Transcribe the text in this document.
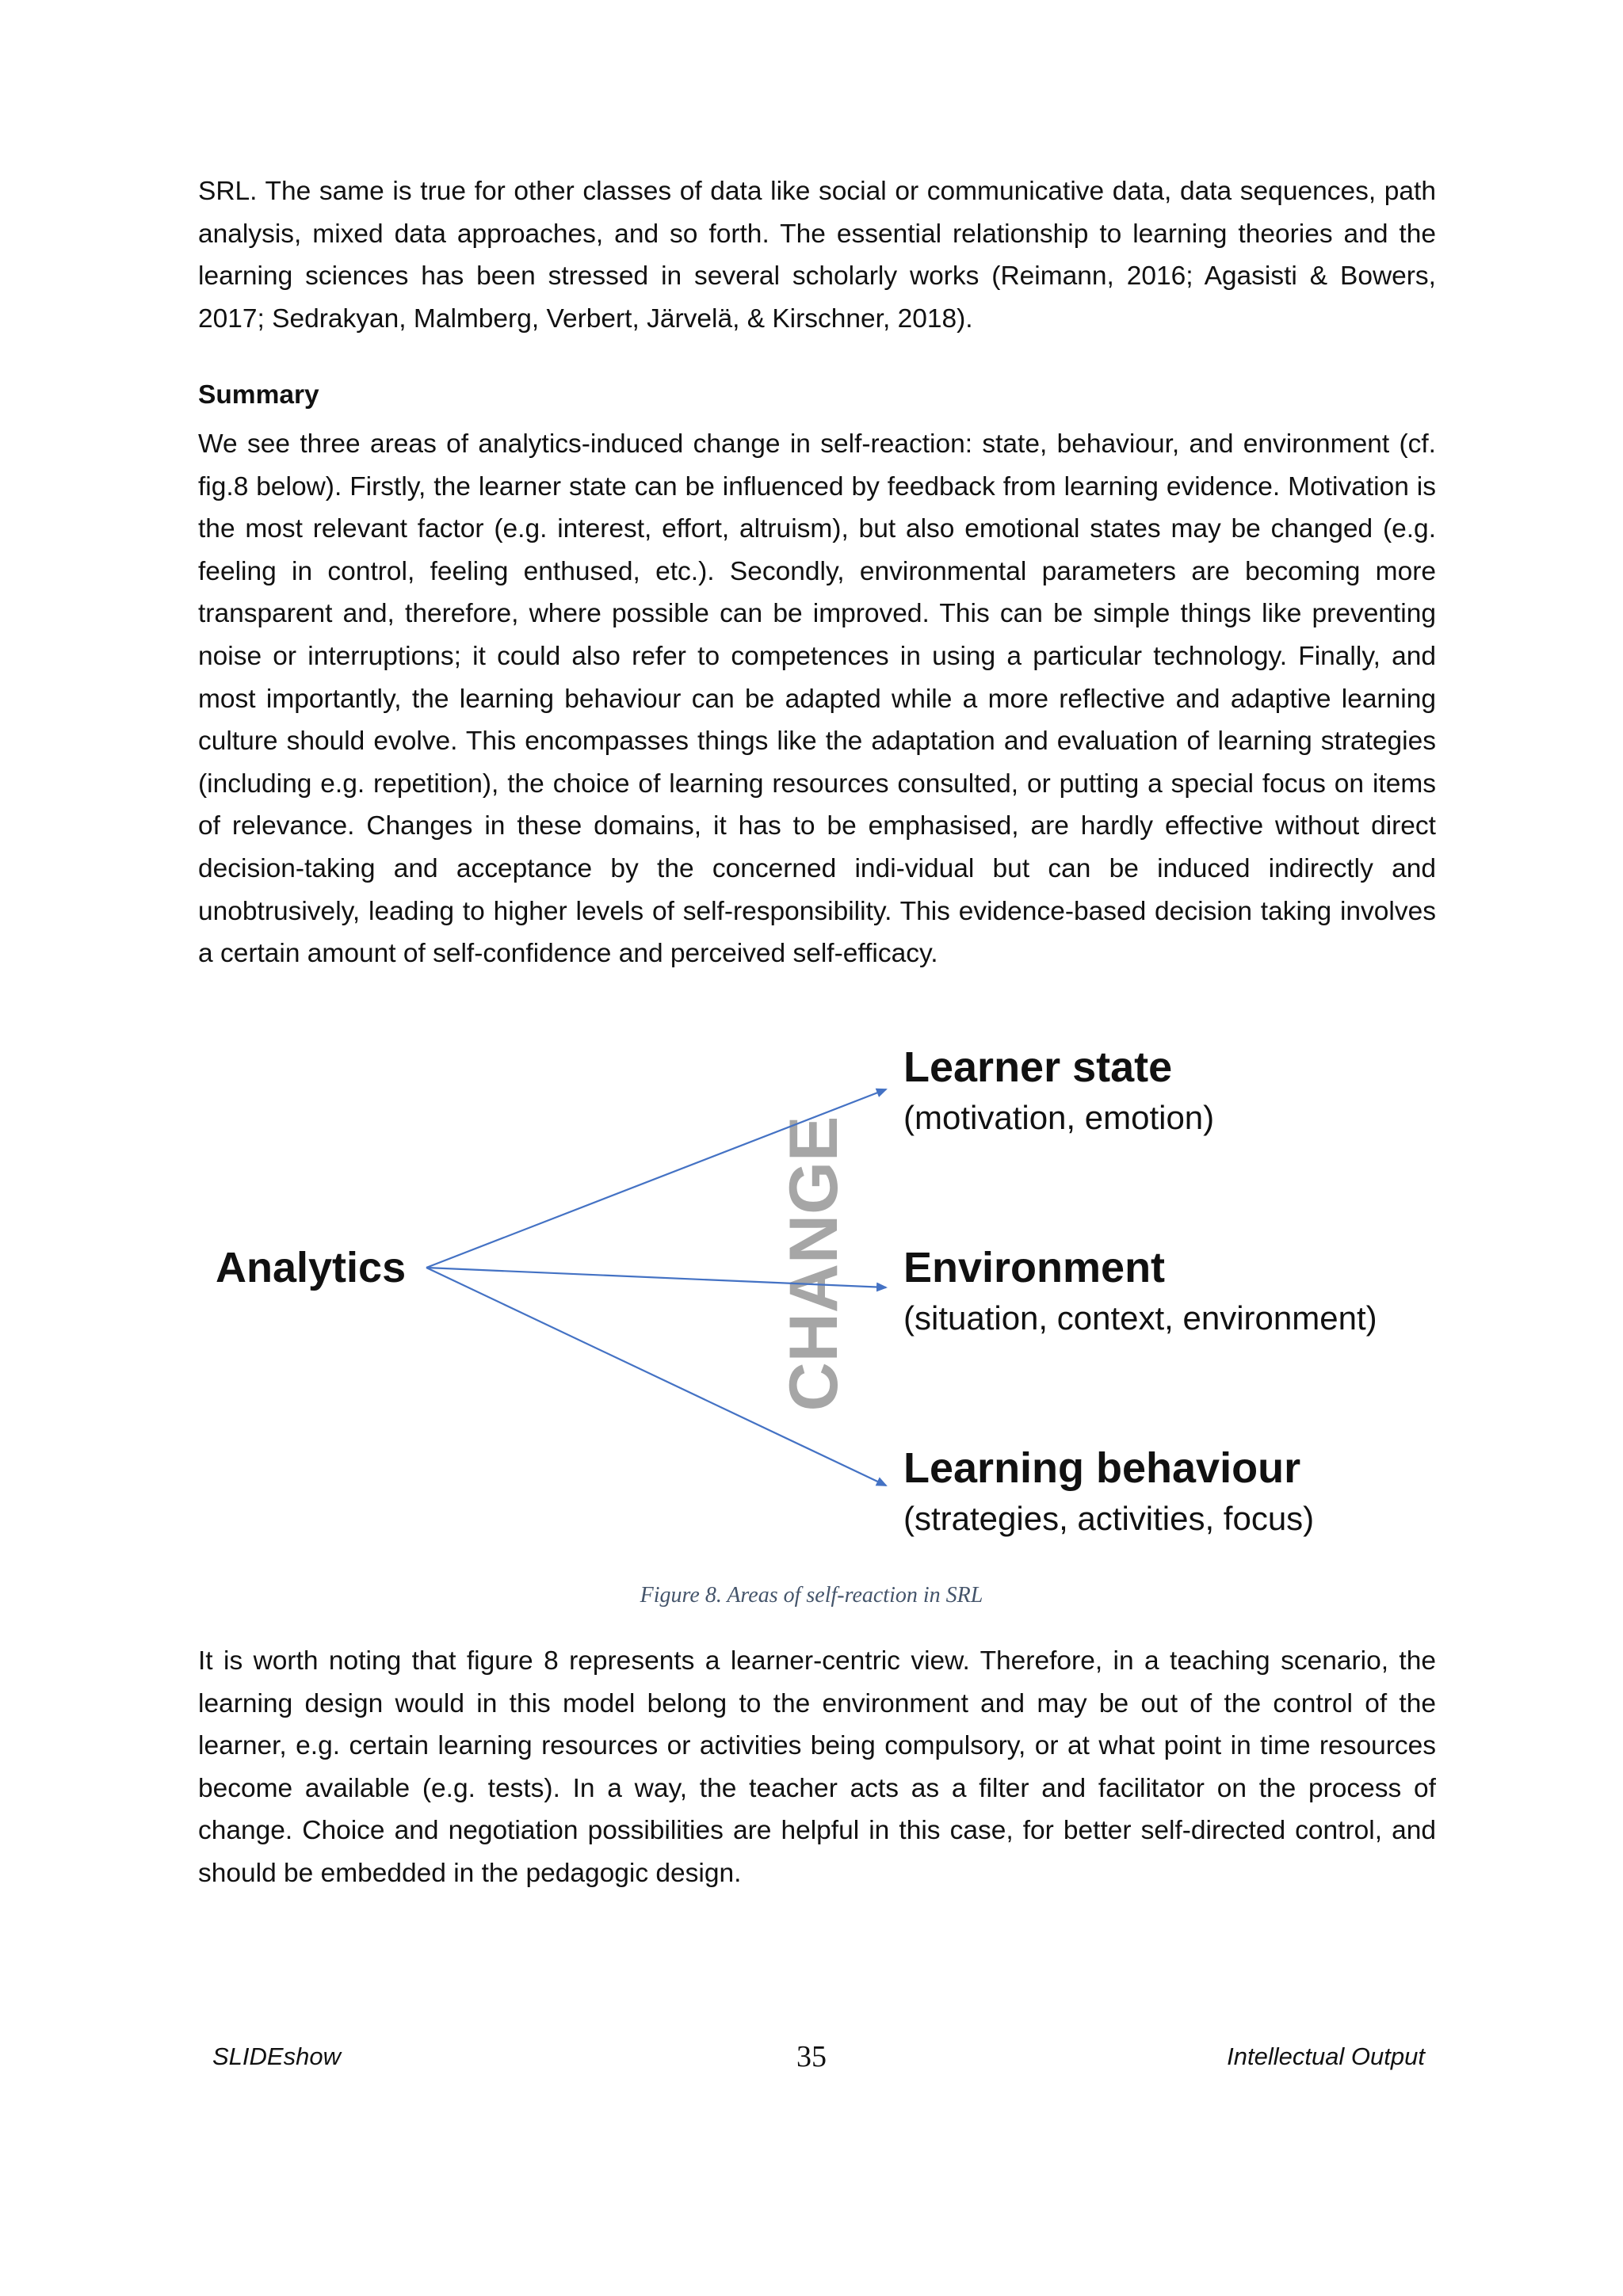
SRL. The same is true for other classes of data like social or communicative data, data sequences, path analysis, mixed data approaches, and so forth. The essential relationship to learning theories and the learning sciences has been stressed in several scholarly works (Reimann, 2016; Agasisti & Bowers, 2017; Sedrakyan, Malmberg, Verbert, Järvelä, & Kirschner, 2018).

Summary

We see three areas of analytics-induced change in self-reaction: state, behaviour, and environment (cf. fig.8 below). Firstly, the learner state can be influenced by feedback from learning evidence. Motivation is the most relevant factor (e.g. interest, effort, altruism), but also emotional states may be changed (e.g. feeling in control, feeling enthused, etc.). Secondly, environmental parameters are becoming more transparent and, therefore, where possible can be improved. This can be simple things like preventing noise or interruptions; it could also refer to competences in using a particular technology. Finally, and most importantly, the learning behaviour can be adapted while a more reflective and adaptive learning culture should evolve. This encompasses things like the adaptation and evaluation of learning strategies (including e.g. repetition), the choice of learning resources consulted, or putting a special focus on items of relevance. Changes in these domains, it has to be emphasised, are hardly effective without direct decision-taking and acceptance by the concerned indi-vidual but can be induced indirectly and unobtrusively, leading to higher levels of self-responsibility. This evidence-based decision taking involves a certain amount of self-confidence and perceived self-efficacy.

CHANGE
Analytics
Learner state
(motivation, emotion)
Environment
(situation, context, environment)
Learning behaviour
(strategies, activities, focus)
Figure 8. Areas of self-reaction in SRL

It is worth noting that figure 8 represents a learner-centric view. Therefore, in a teaching scenario, the learning design would in this model belong to the environment and may be out of the control of the learner, e.g. certain learning resources or activities being compulsory, or at what point in time resources become available (e.g. tests). In a way, the teacher acts as a filter and facilitator on the process of change. Choice and negotiation possibilities are helpful in this case, for better self-directed control, and should be embedded in the pedagogic design.

SLIDEshow	35	Intellectual Output
